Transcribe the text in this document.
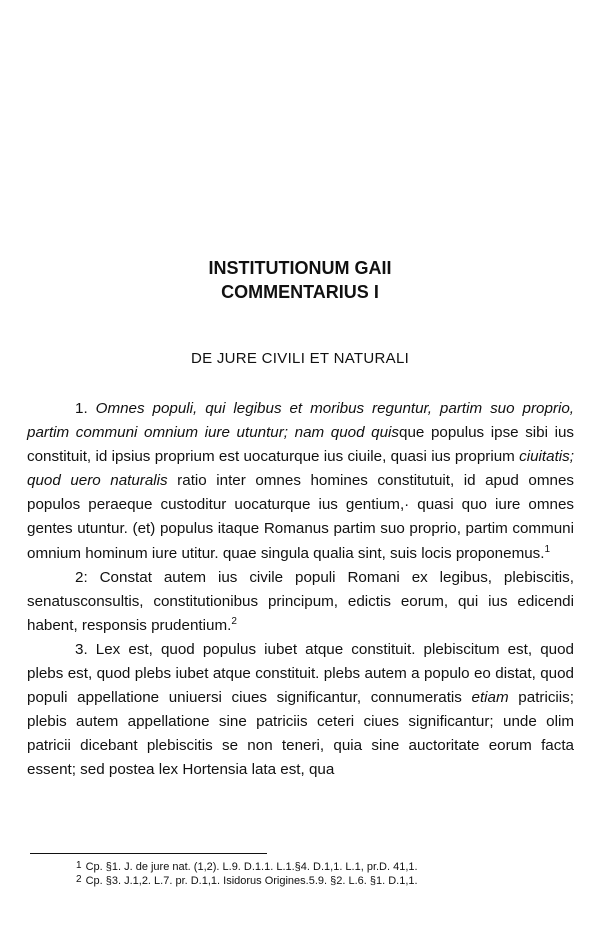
INSTITUTIONUM GAII
COMMENTARIUS I
DE JURE CIVILI ET NATURALI

1. Omnes populi, qui legibus et moribus reguntur, partim suo proprio, partim communi omnium iure utuntur; nam quod quisque populus ipse sibi ius constituit, id ipsius proprium est uocaturque ius ciuile, quasi ius proprium ciuitatis; quod uero naturalis ratio inter omnes homines constitutuit, id apud omnes populos peraeque custoditur uocaturque ius gentium,· quasi quo iure omnes gentes utuntur. (et) populus itaque Romanus partim suo proprio, partim communi omnium hominum iure utitur. quae singula qualia sint, suis locis proponemus.$^1$

2: Constat autem ius civile populi Romani ex legibus, plebiscitis, senatusconsultis, constitutionibus principum, edictis eorum, qui ius edicendi habent, responsis prudentium.$^2$

3. Lex est, quod populus iubet atque constituit. plebiscitum est, quod plebs est, quod plebs iubet atque constituit. plebs autem a populo eo distat, quod populi appellatione uniuersi ciues significantur, connumeratis etiam patriciis; plebis autem appellatione sine patriciis ceteri ciues significantur; unde olim patricii dicebant plebiscitis se non teneri, quia sine auctoritate eorum facta essent; sed postea lex Hortensia lata est, qua

$^1$ Cp. §1. J. de jure nat. (1,2). L.9. D.1.1. L.1.§4. D.1,1. L.1, pr.D. 41,1.
$^2$ Cp. §3. J.1,2. L.7. pr. D.1,1. Isidorus Origines.5.9. §2. L.6. §1. D.1,1.
